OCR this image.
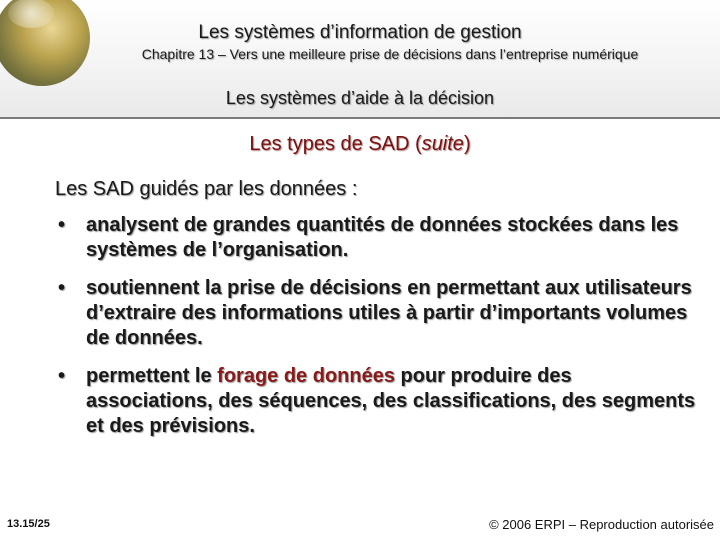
Les systèmes d’information de gestion
Chapitre 13 – Vers une meilleure prise de décisions dans l’entreprise numérique
Les systèmes d’aide à la décision
Les types de SAD (suite)
Les SAD guidés par les données :
• analysent de grandes quantités de données stockées dans les systèmes de l’organisation.
• soutiennent la prise de décisions en permettant aux utilisateurs d’extraire des informations utiles à partir d’importants volumes de données.
• permettent le forage de données pour produire des associations, des séquences, des classifications, des segments et des prévisions.
13.15/25	© 2006 ERPI – Reproduction autorisée
